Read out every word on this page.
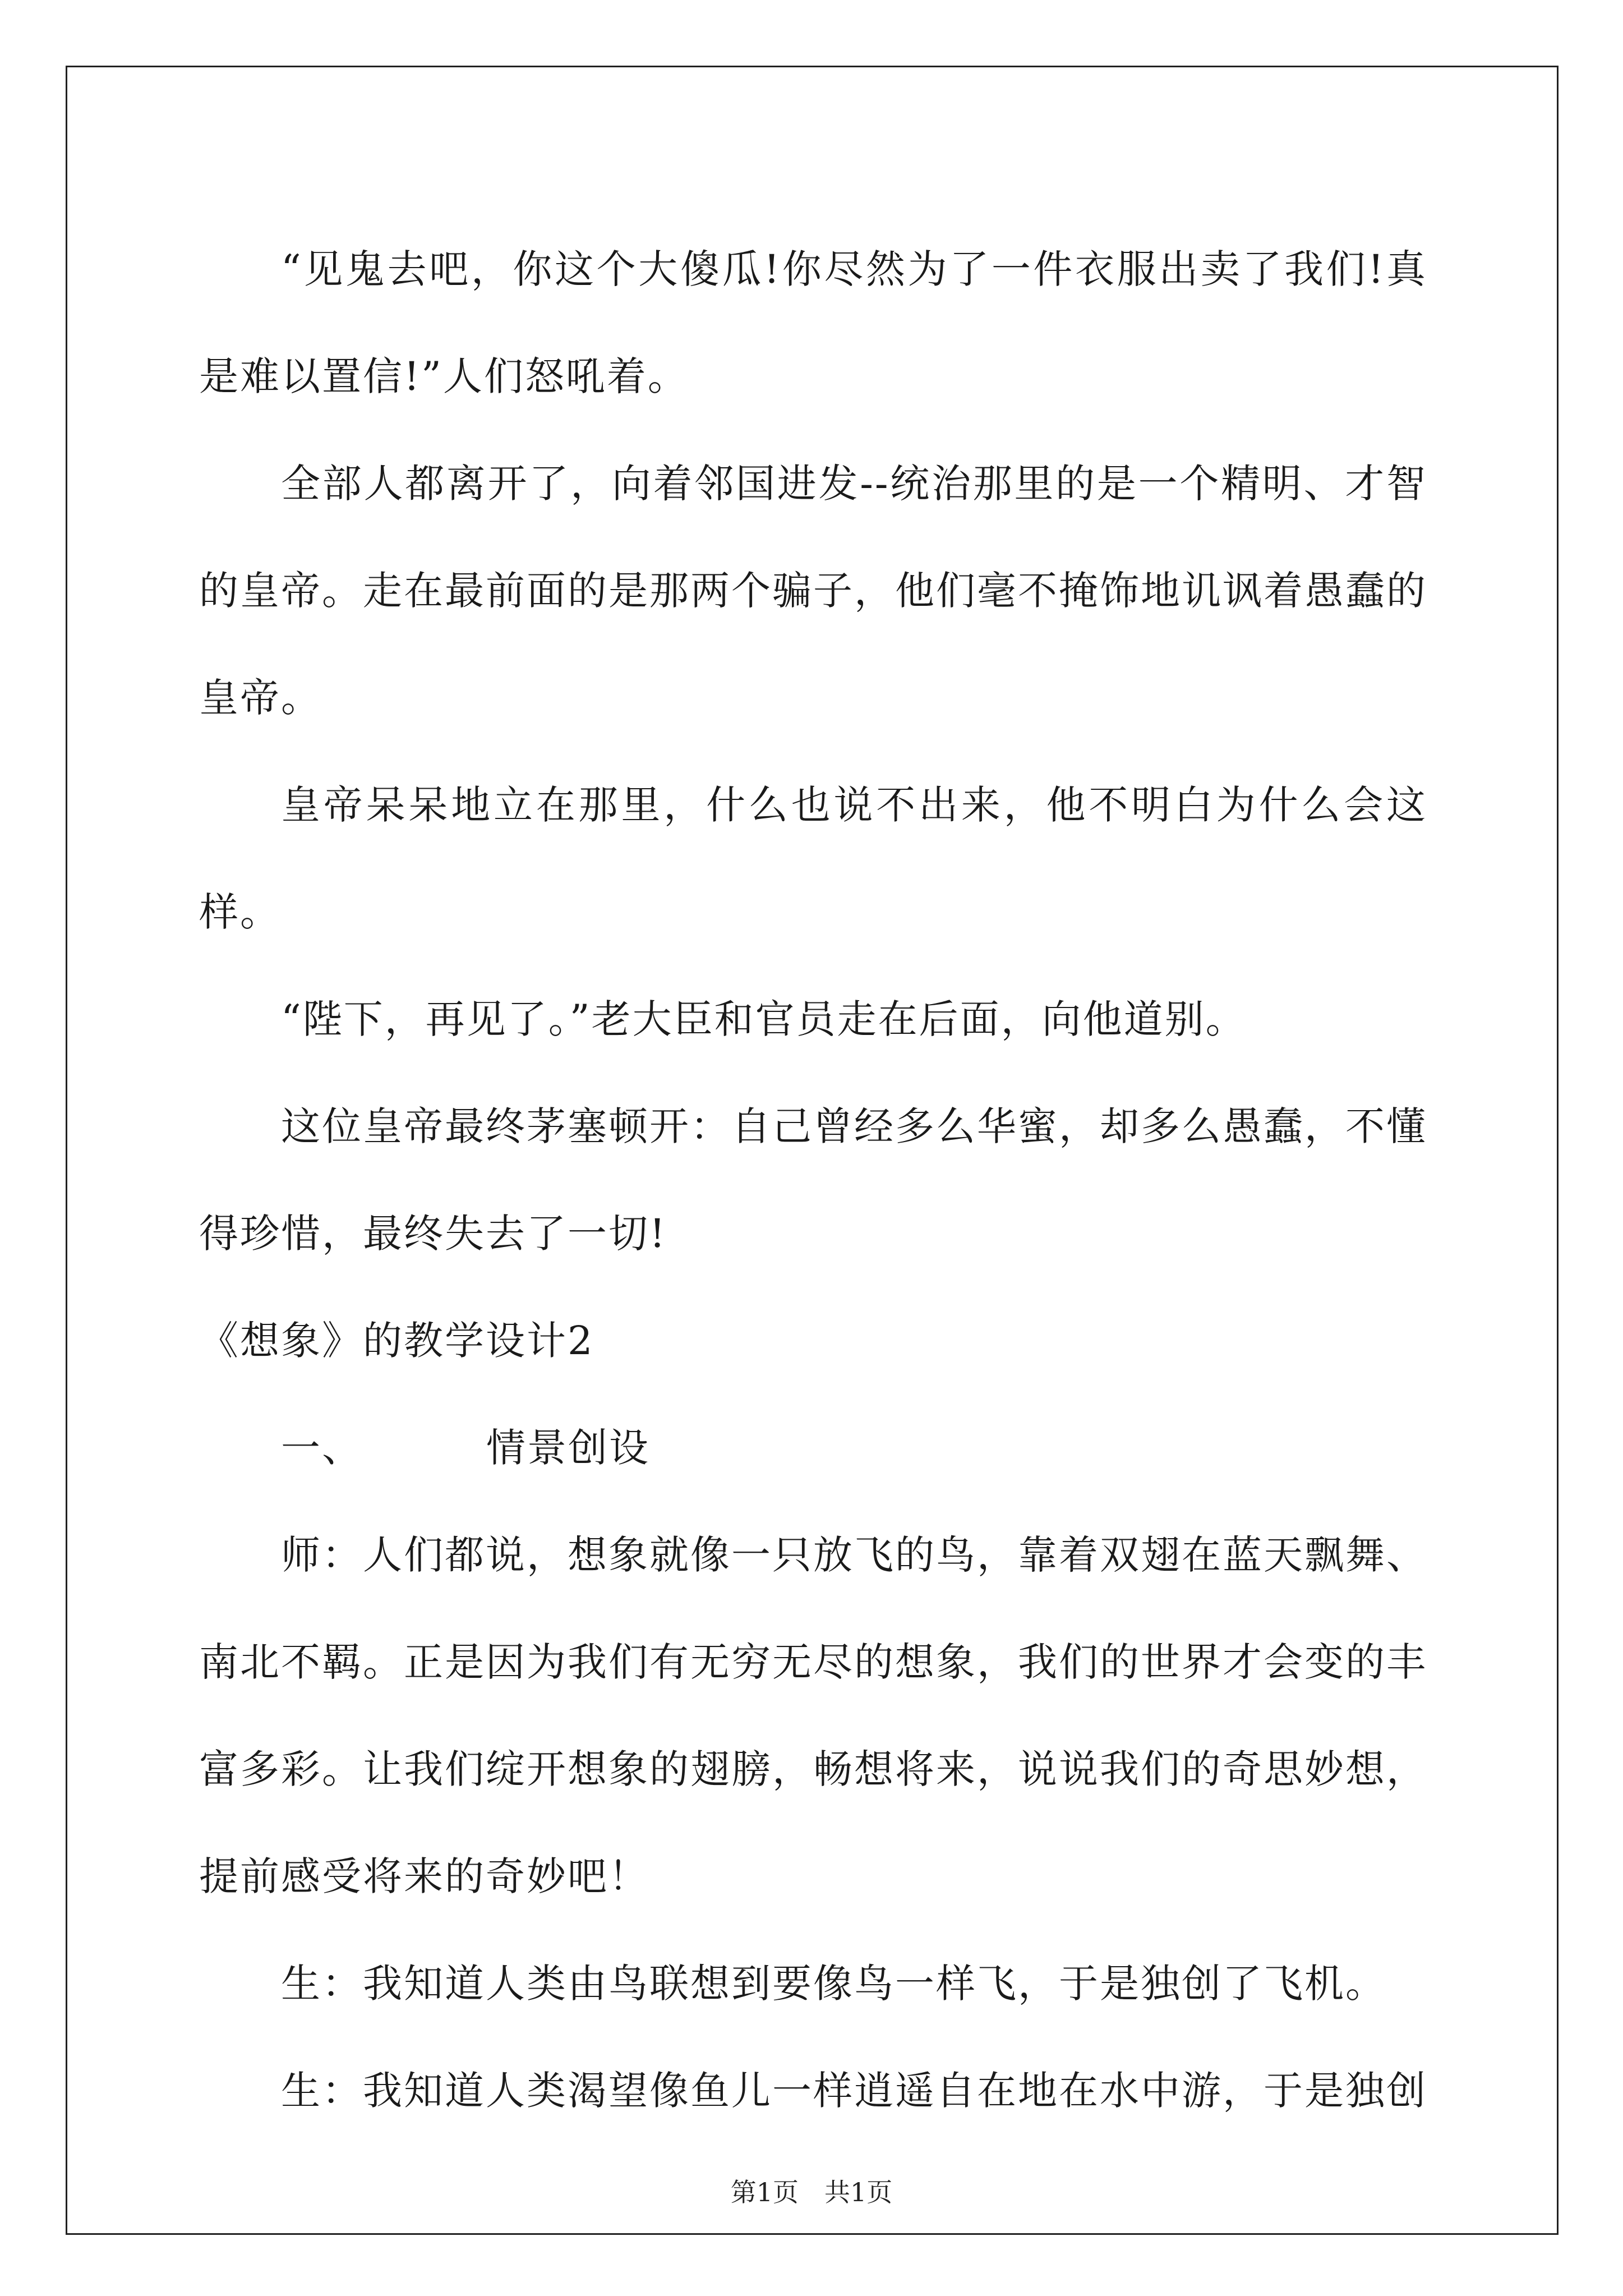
“见鬼去吧，你这个大傻瓜!你尽然为了一件衣服出卖了我们!真是难以置信!”人们怒吼着。

全部人都离开了，向着邻国进发--统治那里的是一个精明、才智的皇帝。走在最前面的是那两个骗子，他们毫不掩饰地讥讽着愚蠢的皇帝。

皇帝呆呆地立在那里，什么也说不出来，他不明白为什么会这样。

“陛下，再见了。”老大臣和官员走在后面，向他道别。

这位皇帝最终茅塞顿开：自己曾经多么华蜜，却多么愚蠢，不懂得珍惜，最终失去了一切!

《想象》的教学设计2

一、	情景创设

师：人们都说，想象就像一只放飞的鸟，靠着双翅在蓝天飘舞、南北不羁。正是因为我们有无穷无尽的想象，我们的世界才会变的丰富多彩。让我们绽开想象的翅膀，畅想将来，说说我们的奇思妙想，提前感受将来的奇妙吧！

生：我知道人类由鸟联想到要像鸟一样飞，于是独创了飞机。

生：我知道人类渴望像鱼儿一样逍遥自在地在水中游，于是独创

第1页 共1页
